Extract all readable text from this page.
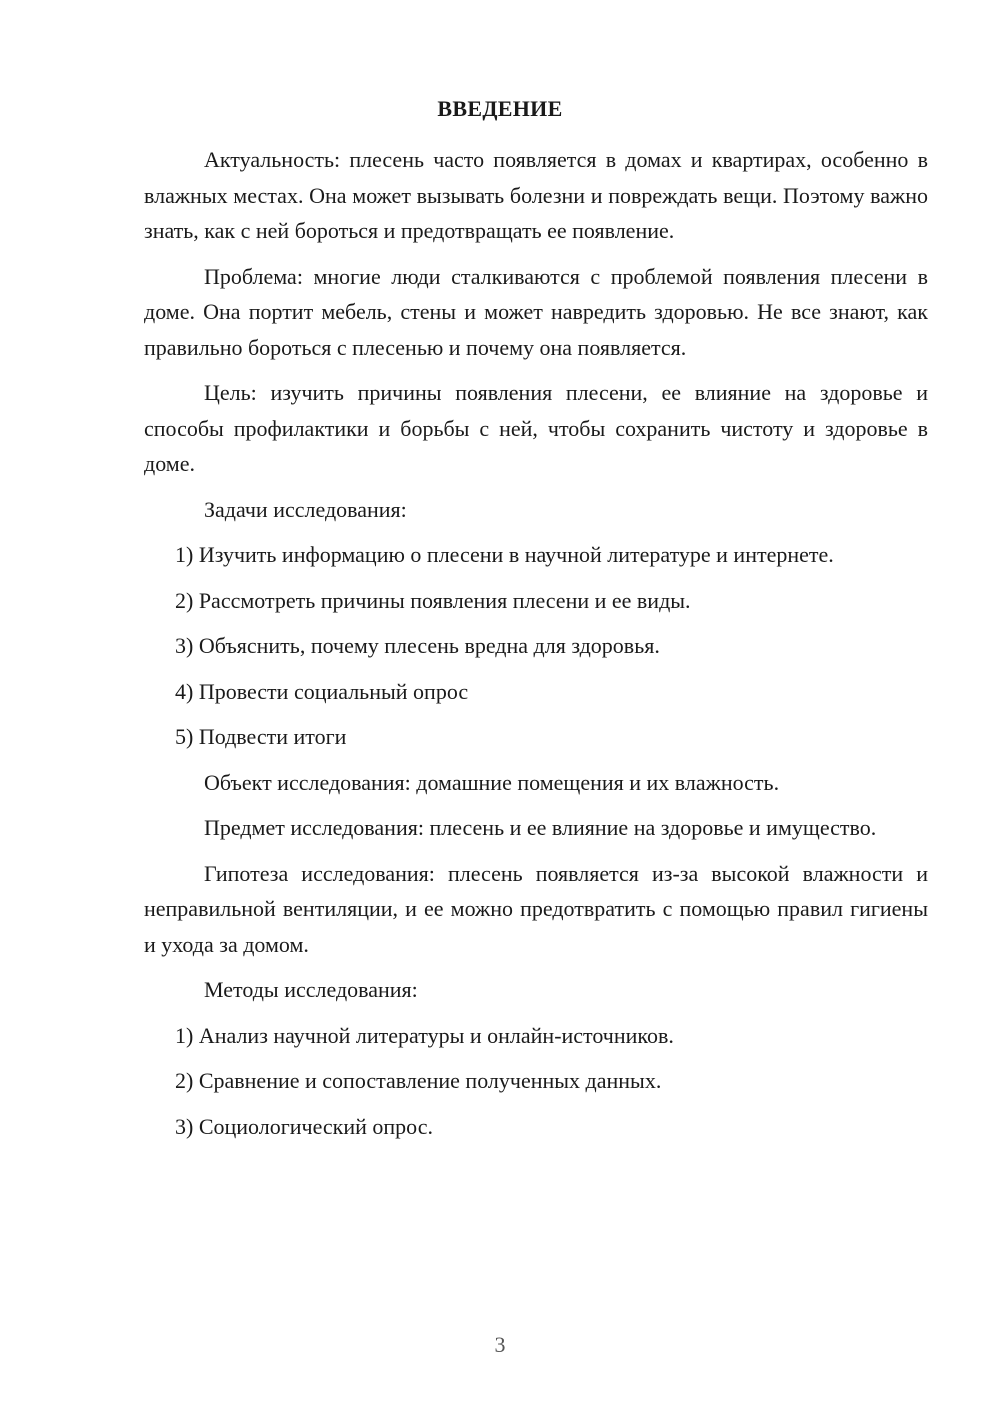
ВВЕДЕНИЕ

Актуальность: плесень часто появляется в домах и квартирах, особенно в влажных местах. Она может вызывать болезни и повреждать вещи. Поэтому важно знать, как с ней бороться и предотвращать ее появление.

Проблема: многие люди сталкиваются с проблемой появления плесени в доме. Она портит мебель, стены и может навредить здоровью. Не все знают, как правильно бороться с плесенью и почему она появляется.

Цель: изучить причины появления плесени, ее влияние на здоровье и способы профилактики и борьбы с ней, чтобы сохранить чистоту и здоровье в доме.

Задачи исследования:

1) Изучить информацию о плесени в научной литературе и интернете.

2) Рассмотреть причины появления плесени и ее виды.

3) Объяснить, почему плесень вредна для здоровья.

4) Провести социальный опрос

5) Подвести итоги

Объект исследования: домашние помещения и их влажность.

Предмет исследования: плесень и ее влияние на здоровье и имущество.

Гипотеза исследования: плесень появляется из-за высокой влажности и неправильной вентиляции, и ее можно предотвратить с помощью правил гигиены и ухода за домом.

Методы исследования:

1) Анализ научной литературы и онлайн-источников.

2) Сравнение и сопоставление полученных данных.

3) Социологический опрос.

3
